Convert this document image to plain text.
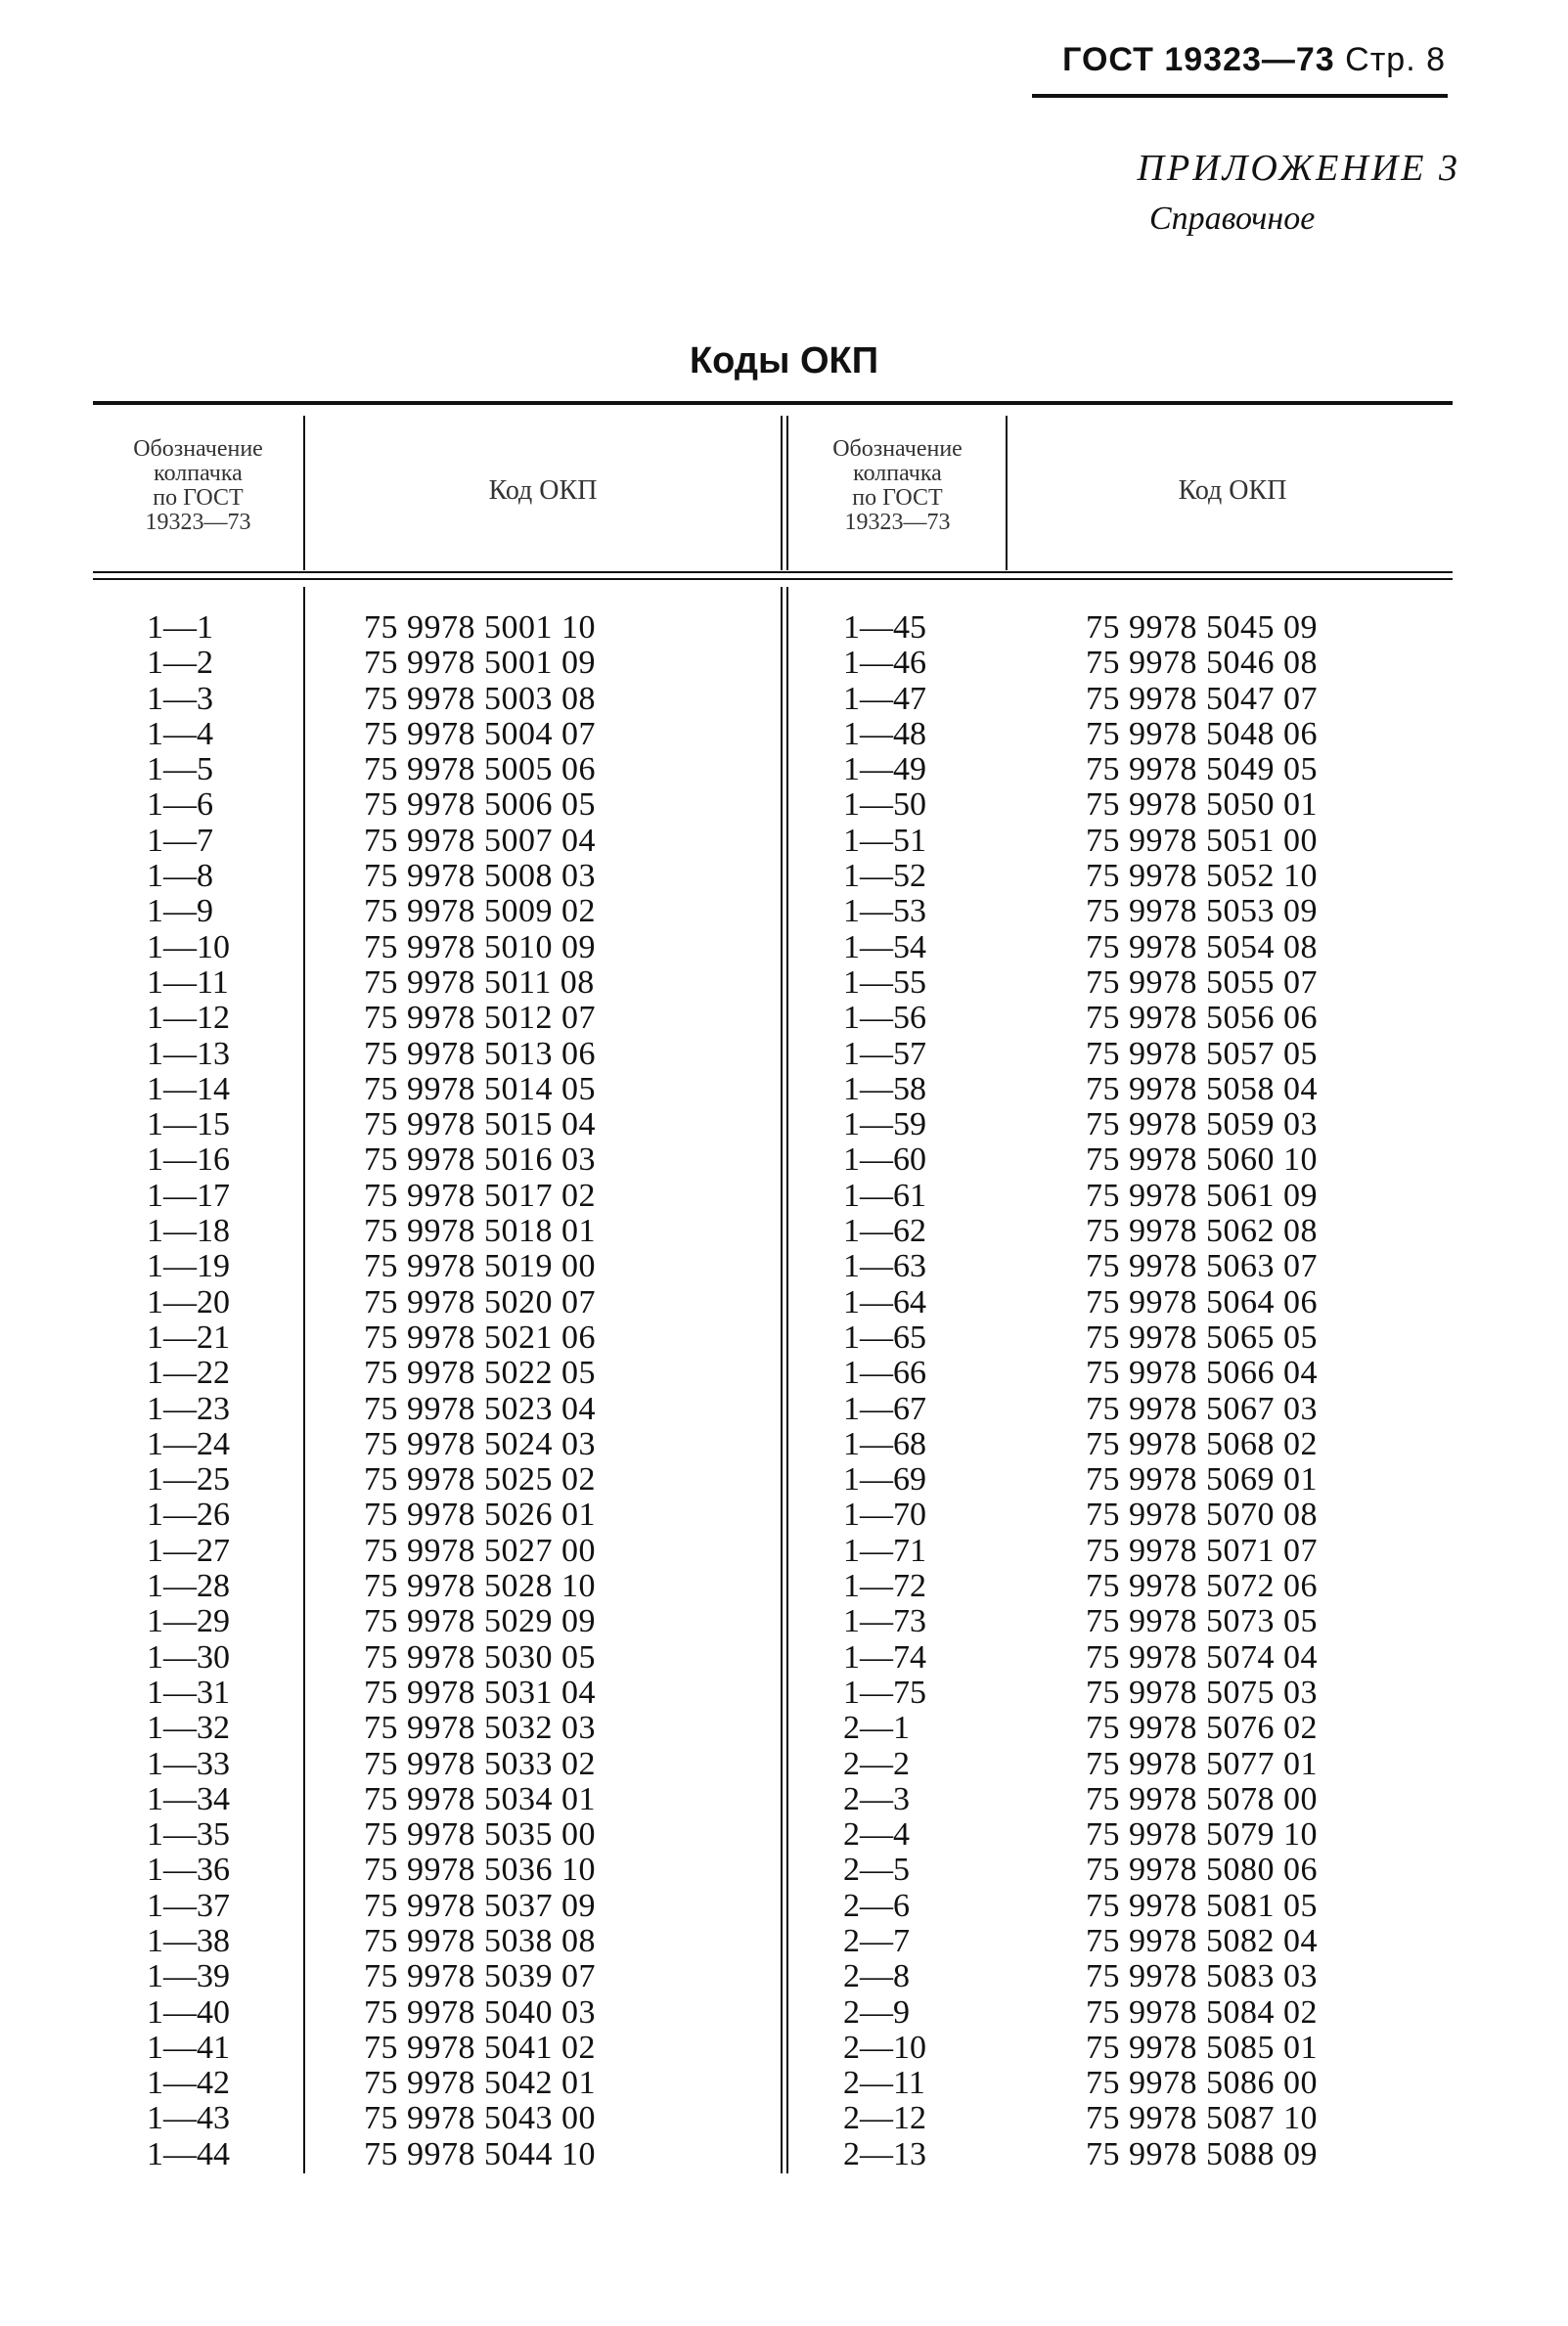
ГОСТ 19323—73 Стр. 8
ПРИЛОЖЕНИЕ 3
Справочное
Коды ОКП
Обозначение
колпачка
по ГОСТ
19323—73
Код ОКП
Обозначение
колпачка
по ГОСТ
19323—73
Код ОКП
1—1
1—2
1—3
1—4
1—5
1—6
1—7
1—8
1—9
1—10
1—11
1—12
1—13
1—14
1—15
1—16
1—17
1—18
1—19
1—20
1—21
1—22
1—23
1—24
1—25
1—26
1—27
1—28
1—29
1—30
1—31
1—32
1—33
1—34
1—35
1—36
1—37
1—38
1—39
1—40
1—41
1—42
1—43
1—44
75 9978 5001 10
75 9978 5001 09
75 9978 5003 08
75 9978 5004 07
75 9978 5005 06
75 9978 5006 05
75 9978 5007 04
75 9978 5008 03
75 9978 5009 02
75 9978 5010 09
75 9978 5011 08
75 9978 5012 07
75 9978 5013 06
75 9978 5014 05
75 9978 5015 04
75 9978 5016 03
75 9978 5017 02
75 9978 5018 01
75 9978 5019 00
75 9978 5020 07
75 9978 5021 06
75 9978 5022 05
75 9978 5023 04
75 9978 5024 03
75 9978 5025 02
75 9978 5026 01
75 9978 5027 00
75 9978 5028 10
75 9978 5029 09
75 9978 5030 05
75 9978 5031 04
75 9978 5032 03
75 9978 5033 02
75 9978 5034 01
75 9978 5035 00
75 9978 5036 10
75 9978 5037 09
75 9978 5038 08
75 9978 5039 07
75 9978 5040 03
75 9978 5041 02
75 9978 5042 01
75 9978 5043 00
75 9978 5044 10
1—45
1—46
1—47
1—48
1—49
1—50
1—51
1—52
1—53
1—54
1—55
1—56
1—57
1—58
1—59
1—60
1—61
1—62
1—63
1—64
1—65
1—66
1—67
1—68
1—69
1—70
1—71
1—72
1—73
1—74
1—75
2—1
2—2
2—3
2—4
2—5
2—6
2—7
2—8
2—9
2—10
2—11
2—12
2—13
75 9978 5045 09
75 9978 5046 08
75 9978 5047 07
75 9978 5048 06
75 9978 5049 05
75 9978 5050 01
75 9978 5051 00
75 9978 5052 10
75 9978 5053 09
75 9978 5054 08
75 9978 5055 07
75 9978 5056 06
75 9978 5057 05
75 9978 5058 04
75 9978 5059 03
75 9978 5060 10
75 9978 5061 09
75 9978 5062 08
75 9978 5063 07
75 9978 5064 06
75 9978 5065 05
75 9978 5066 04
75 9978 5067 03
75 9978 5068 02
75 9978 5069 01
75 9978 5070 08
75 9978 5071 07
75 9978 5072 06
75 9978 5073 05
75 9978 5074 04
75 9978 5075 03
75 9978 5076 02
75 9978 5077 01
75 9978 5078 00
75 9978 5079 10
75 9978 5080 06
75 9978 5081 05
75 9978 5082 04
75 9978 5083 03
75 9978 5084 02
75 9978 5085 01
75 9978 5086 00
75 9978 5087 10
75 9978 5088 09
